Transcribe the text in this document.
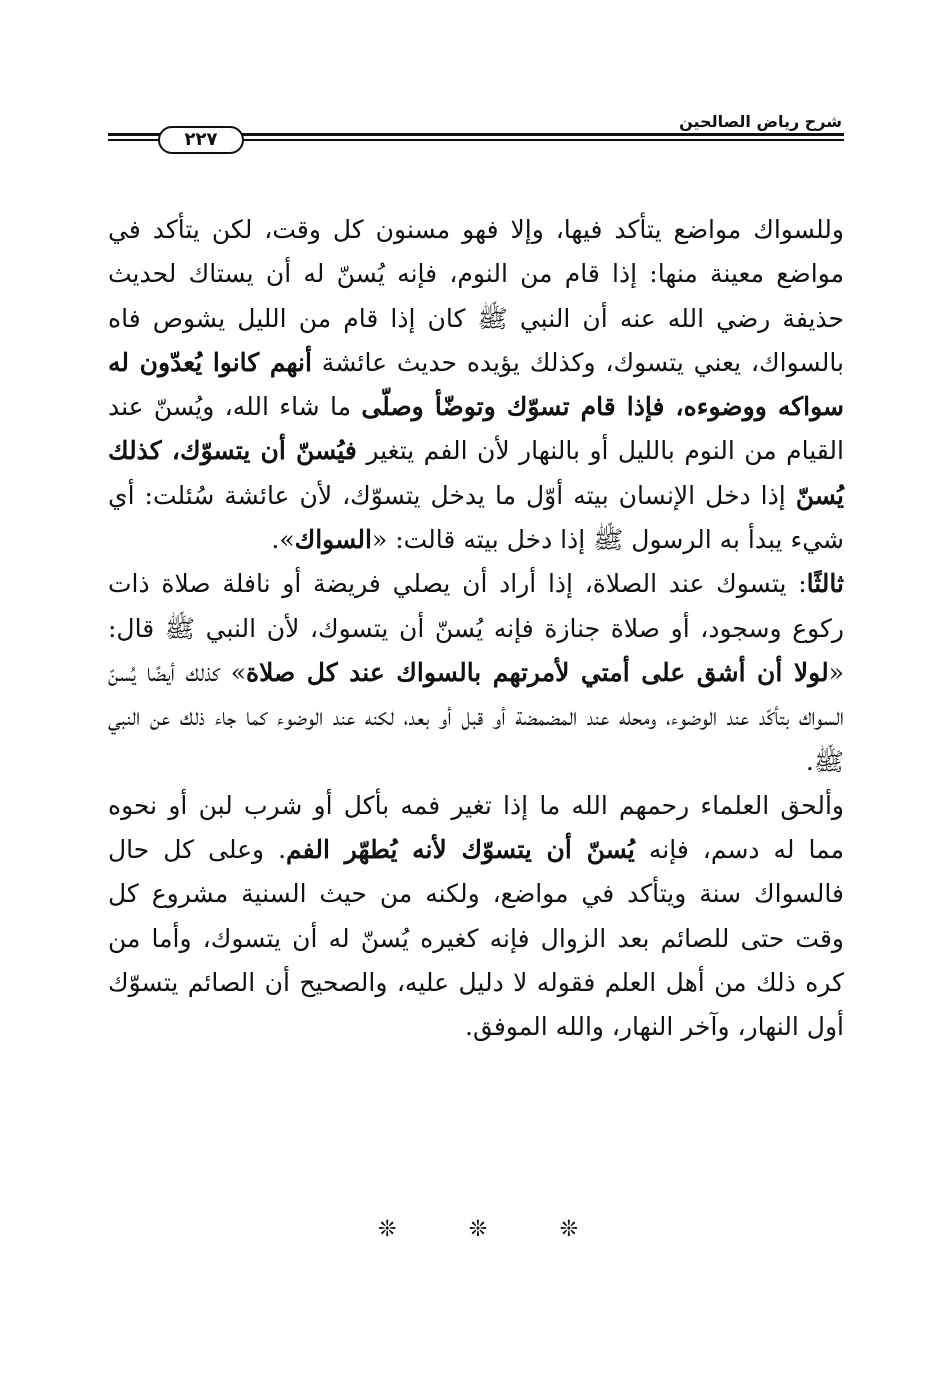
شرح رياض الصالحين
٢٢٧

وللسواك مواضع يتأكد فيها، وإلا فهو مسنون كل وقت، لكن يتأكد في مواضع معينة منها: إذا قام من النوم، فإنه يُسنّ له أن يستاك لحديث حذيفة رضي الله عنه أن النبي ﷺ كان إذا قام من الليل يشوص فاه بالسواك، يعني يتسوك، وكذلك يؤيده حديث عائشة أنهم كانوا يُعدّون له سواكه ووضوءه، فإذا قام تسوّك وتوضّأ وصلّى ما شاء الله، ويُسنّ عند القيام من النوم بالليل أو بالنهار لأن الفم يتغير فيُسنّ أن يتسوّك، كذلك يُسنّ إذا دخل الإنسان بيته أوّل ما يدخل يتسوّك، لأن عائشة سُئلت: أي شيء يبدأ به الرسول ﷺ إذا دخل بيته قالت: «السواك».

ثالثًا: يتسوك عند الصلاة، إذا أراد أن يصلي فريضة أو نافلة صلاة ذات ركوع وسجود، أو صلاة جنازة فإنه يُسنّ أن يتسوك، لأن النبي ﷺ قال: «لولا أن أشق على أمتي لأمرتهم بالسواك عند كل صلاة» كذلك أيضًا يُسنّ السواك بتأكّد عند الوضوء، ومحله عند المضمضة أو قبل أو بعد، لكنه عند الوضوء كما جاء ذلك عن النبي ﷺ.

وألحق العلماء رحمهم الله ما إذا تغير فمه بأكل أو شرب لبن أو نحوه مما له دسم، فإنه يُسنّ أن يتسوّك لأنه يُطهّر الفم. وعلى كل حال فالسواك سنة ويتأكد في مواضع، ولكنه من حيث السنية مشروع كل وقت حتى للصائم بعد الزوال فإنه كغيره يُسنّ له أن يتسوك، وأما من كره ذلك من أهل العلم فقوله لا دليل عليه، والصحيح أن الصائم يتسوّك أول النهار، وآخر النهار، والله الموفق.

❊	❊	❊
